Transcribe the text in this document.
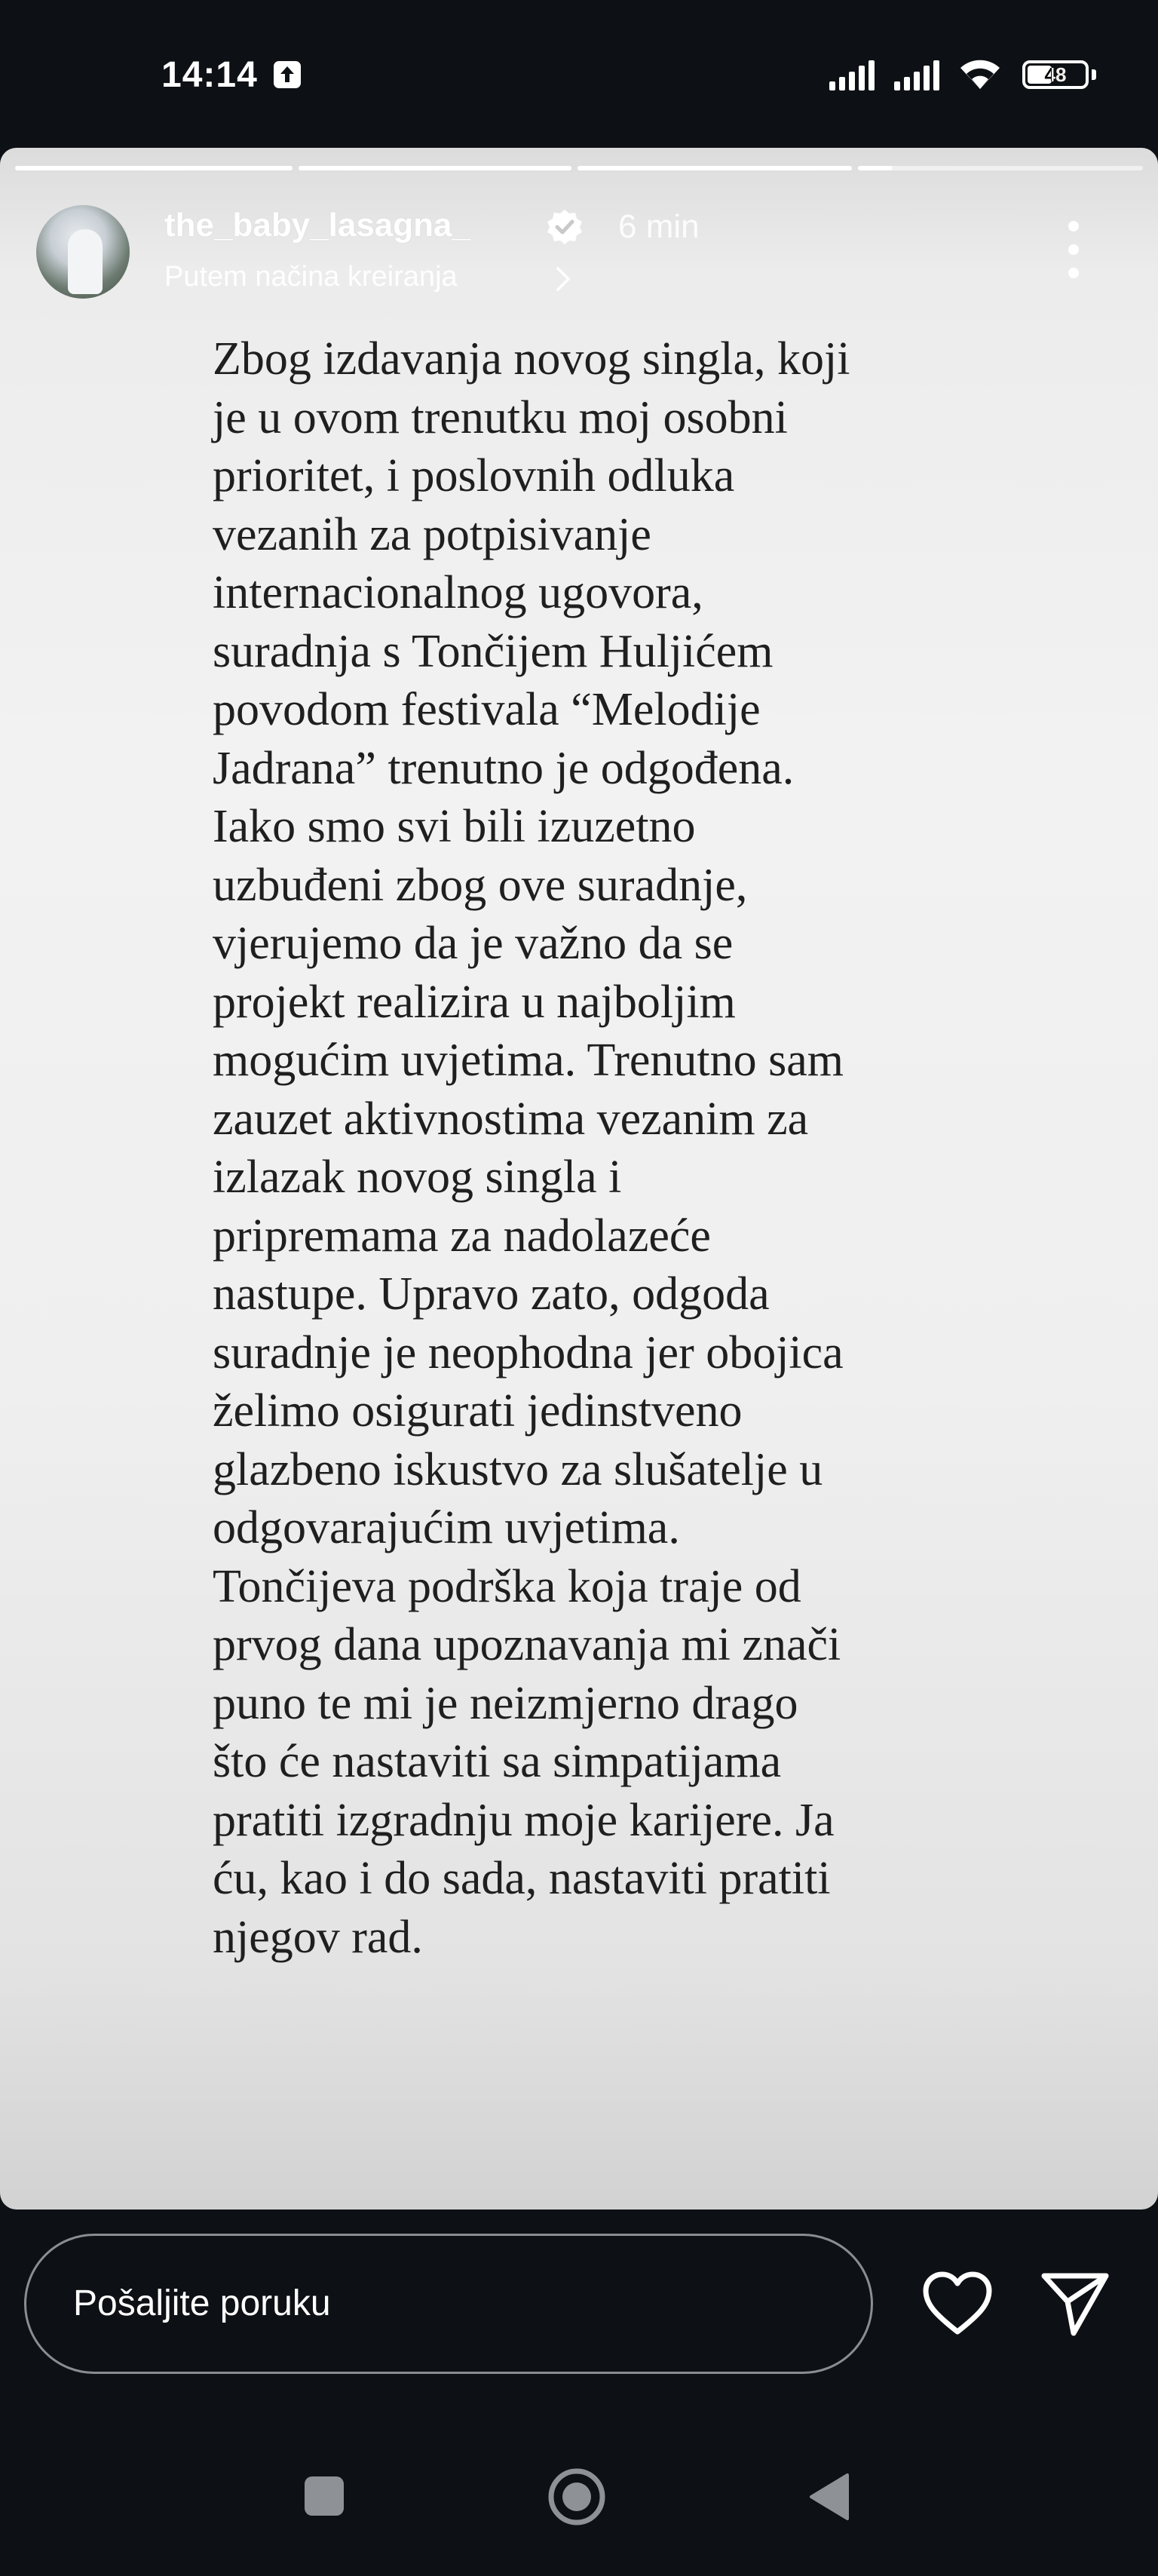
14:14	48
the_baby_lasagna_	6 min
Putem načina kreiranja

Zbog izdavanja novog singla, koji
je u ovom trenutku moj osobni
prioritet, i poslovnih odluka
vezanih za potpisivanje
internacionalnog ugovora,
suradnja s Tončijem Huljićem
povodom festivala “Melodije
Jadrana” trenutno je odgođena.
Iako smo svi bili izuzetno
uzbuđeni zbog ove suradnje,
vjerujemo da je važno da se
projekt realizira u najboljim
mogućim uvjetima. Trenutno sam
zauzet aktivnostima vezanim za
izlazak novog singla i
pripremama za nadolazeće
nastupe. Upravo zato, odgoda
suradnje je neophodna jer obojica
želimo osigurati jedinstveno
glazbeno iskustvo za slušatelje u
odgovarajućim uvjetima.
Tončijeva podrška koja traje od
prvog dana upoznavanja mi znači
puno te mi je neizmjerno drago
što će nastaviti sa simpatijama
pratiti izgradnju moje karijere. Ja
ću, kao i do sada, nastaviti pratiti
njegov rad.

Pošaljite poruku
